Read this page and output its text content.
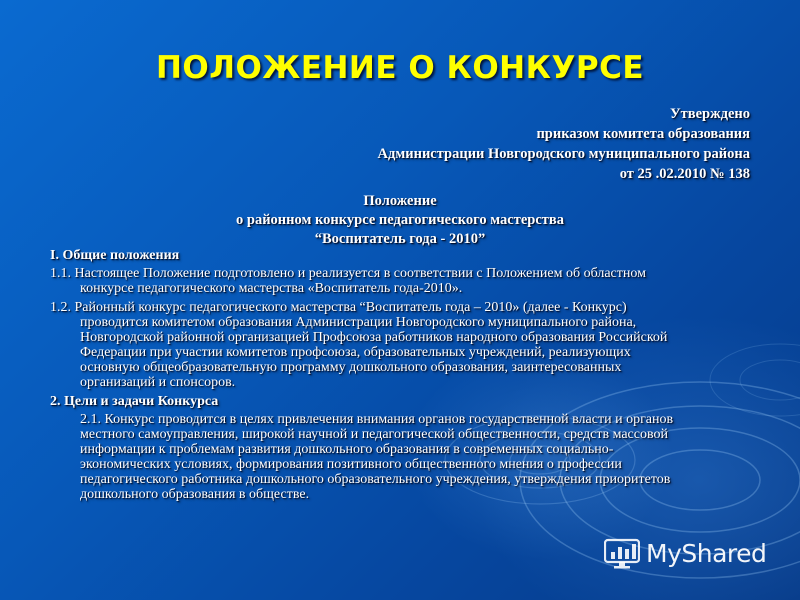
ПОЛОЖЕНИЕ О КОНКУРСЕ
Утверждено
приказом комитета образования
Администрации Новгородского муниципального района
от 25 .02.2010 № 138
Положение
о районном конкурсе педагогического мастерства
“Воспитатель года - 2010”
I. Общие положения
1.1. Настоящее Положение подготовлено и реализуется в соответствии с Положением об областном
конкурсе педагогического мастерства «Воспитатель года-2010».
1.2. Районный конкурс педагогического мастерства “Воспитатель года – 2010» (далее - Конкурс)
проводится комитетом образования Администрации Новгородского муниципального района,
Новгородской районной организацией Профсоюза работников народного образования Российской
Федерации при участии комитетов профсоюза, образовательных учреждений, реализующих
основную общеобразовательную программу дошкольного образования, заинтересованных
организаций и спонсоров.
2. Цели и задачи Конкурса
2.1. Конкурс проводится в целях привлечения внимания органов государственной власти и органов
местного самоуправления, широкой научной и педагогической общественности, средств массовой
информации к проблемам развития дошкольного образования в современных социально-
экономических условиях, формирования позитивного общественного мнения о профессии
педагогического работника дошкольного образовательного учреждения, утверждения приоритетов
дошкольного образования в обществе.
MyShared
